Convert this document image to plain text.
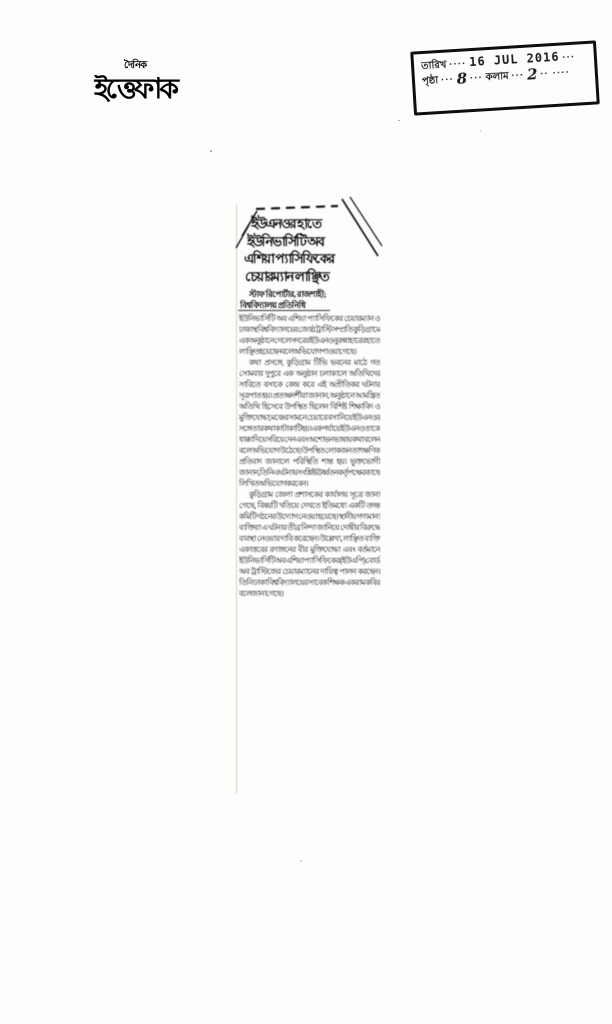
দৈনিক
ইত্তেফাক
তারিখ ···· 16 JUL 2016 ···
পৃষ্ঠা ··· 8 ··· কলাম ··· 2 ·· ····
ইউএনওর হাতে
ইউনিভার্সিটি অব
এশিয়া প্যাসিফিকের
চেয়ারম্যান লাঞ্ছিত
স্টাফ রিপোর্টার, রাজশাহী;
বিশ্ববিদ্যালয় প্রতিনিধি

ইউনিভার্সিটি অব এশিয়া প্যাসিফিকের চেয়ারম্যান ও ঢাকাস্থ বিশ্ববিদ্যালয়ের জ্যেষ্ঠ ট্রাস্টি সম্প্রতি কুড়িগ্রামে এক অনুষ্ঠানে গেলে সদরের ইউএনও নুরুন্নাহারের হাতে লাঞ্ছিত হয়েছেন বলে অভিযোগ পাওয়া গেছে।

কথা প্রসঙ্গে, কুড়িগ্রাম টিভি ভবনের মাঠে গত সোমবার দুপুরে এক অনুষ্ঠান চলাকালে অতিথিদের সারিতে বসাকে কেন্দ্র করে এই অপ্রীতিকর ঘটনার সূত্রপাত হয়। প্রত্যক্ষদর্শীরা জানান, অনুষ্ঠানে আমন্ত্রিত অতিথি হিসেবে উপস্থিত ছিলেন বিশিষ্ট শিক্ষাবিদ ও মুক্তিযোদ্ধা; মঞ্চের সামনে চেয়ারে বসা নিয়ে ইউএনওর সঙ্গে তার কথা কাটাকাটি হয়। এক পর্যায়ে ইউএনও তাকে ধাক্কা দিয়ে সরিয়ে দেন এবং অশোভন ভাষায় কথা বলেন বলে অভিযোগ উঠেছে। উপস্থিত লোকজন তাৎক্ষণিক প্রতিবাদ জানালে পরিস্থিতি শান্ত হয়। ভুক্তভোগী জানান, তিনি এ ঘটনায় সংশ্লিষ্ট ঊর্ধ্বতন কর্তৃপক্ষের কাছে লিখিত অভিযোগ করবেন।

কুড়িগ্রাম জেলা প্রশাসকের কার্যালয় সূত্রে জানা গেছে, বিষয়টি খতিয়ে দেখতে ইতিমধ্যে একটি তদন্ত কমিটি গঠনের উদ্যোগ নেওয়া হয়েছে। স্থানীয় গণ্যমান্য ব্যক্তিরা এ ঘটনার তীব্র নিন্দা জানিয়ে দোষীর বিরুদ্ধে ব্যবস্থা নেওয়ার দাবি করেছেন। উল্লেখ্য, লাঞ্ছিত ব্যক্তি একাত্তরের রণাঙ্গনের বীর মুক্তিযোদ্ধা এবং বর্তমানে ইউনিভার্সিটি অব এশিয়া প্যাসিফিকের (ইউএপি) বোর্ড অব ট্রাস্টিজের চেয়ারম্যানের দায়িত্ব পালন করছেন। তিনি ঢাকা বিশ্ববিদ্যালয়ের সাবেক শিক্ষক একরাম কবির বলে জানা গেছে।
